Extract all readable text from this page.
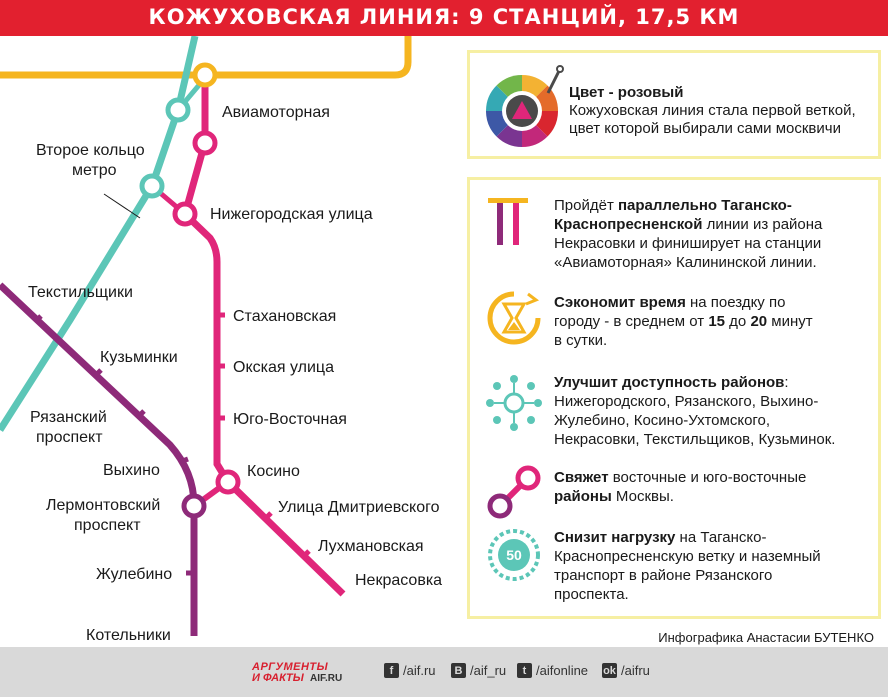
КОЖУХОВСКАЯ ЛИНИЯ: 9 СТАНЦИЙ, 17,5 КМ
Второе кольцо
метро
Авиамоторная
Нижегородская улица
Стахановская
Окская улица
Юго-Восточная
Косино
Улица Дмитриевского
Лухмановская
Некрасовка
Текстильщики
Кузьминки
Рязанский
проспект
Выхино
Лермонтовский
проспект
Жулебино
Котельники
Цвет - розовый
Кожуховская линия стала первой веткой,
цвет которой выбирали сами москвичи
Пройдёт параллельно Таганско-
Краснопресненской линии из района
Некрасовки и финиширует на станции
«Авиамоторная» Калининской линии.
Сэкономит время на поездку по
городу - в среднем от 15 до 20 минут
в сутки.
Улучшит доступность районов:
Нижегородского, Рязанского, Выхино-
Жулебино, Косино-Ухтомского,
Некрасовки, Текстильщиков, Кузьминок.
Свяжет восточные и юго-восточные
районы Москвы.
50
Снизит нагрузку на Таганско-
Краснопресненскую ветку и наземный
транспорт в районе Рязанского
проспекта.
Инфографика Анастасии БУТЕНКО
АРГУМЕНТЫ
И ФАКТЫ AIF.RU
f /aif.ru	В /aif_ru	t /aifonline ok /aifru
